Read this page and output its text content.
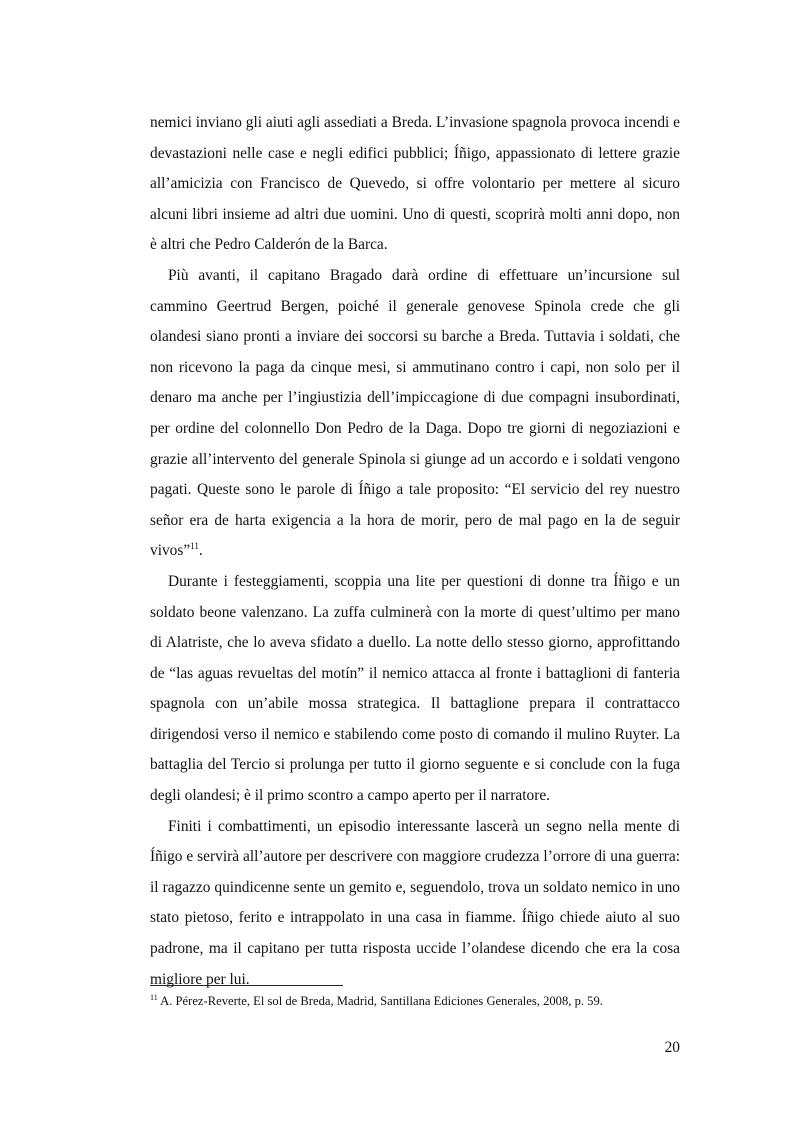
nemici inviano gli aiuti agli assediati a Breda. L’invasione spagnola provoca incendi e devastazioni nelle case e negli edifici pubblici; Íñigo, appassionato di lettere grazie all’amicizia con Francisco de Quevedo, si offre volontario per mettere al sicuro alcuni libri insieme ad altri due uomini. Uno di questi, scoprirà molti anni dopo, non è altri che Pedro Calderón de la Barca.

Più avanti, il capitano Bragado darà ordine di effettuare un’incursione sul cammino Geertrud Bergen, poiché il generale genovese Spinola crede che gli olandesi siano pronti a inviare dei soccorsi su barche a Breda. Tuttavia i soldati, che non ricevono la paga da cinque mesi, si ammutinano contro i capi, non solo per il denaro ma anche per l’ingiustizia dell’impiccagione di due compagni insubordinati, per ordine del colonnello Don Pedro de la Daga. Dopo tre giorni di negoziazioni e grazie all’intervento del generale Spinola si giunge ad un accordo e i soldati vengono pagati. Queste sono le parole di Íñigo a tale proposito: “El servicio del rey nuestro señor era de harta exigencia a la hora de morir, pero de mal pago en la de seguir vivos”$^{11}$.

Durante i festeggiamenti, scoppia una lite per questioni di donne tra Íñigo e un soldato beone valenzano. La zuffa culminerà con la morte di quest’ultimo per mano di Alatriste, che lo aveva sfidato a duello. La notte dello stesso giorno, approfittando de “las aguas revueltas del motín” il nemico attacca al fronte i battaglioni di fanteria spagnola con un’abile mossa strategica. Il battaglione prepara il contrattacco dirigendosi verso il nemico e stabilendo come posto di comando il mulino Ruyter. La battaglia del Tercio si prolunga per tutto il giorno seguente e si conclude con la fuga degli olandesi; è il primo scontro a campo aperto per il narratore.

Finiti i combattimenti, un episodio interessante lascerà un segno nella mente di Íñigo e servirà all’autore per descrivere con maggiore crudezza l’orrore di una guerra: il ragazzo quindicenne sente un gemito e, seguendolo, trova un soldato nemico in uno stato pietoso, ferito e intrappolato in una casa in fiamme. Íñigo chiede aiuto al suo padrone, ma il capitano per tutta risposta uccide l’olandese dicendo che era la cosa migliore per lui.

$^{11}$ A. Pérez-Reverte, El sol de Breda, Madrid, Santillana Ediciones Generales, 2008, p. 59.
20
